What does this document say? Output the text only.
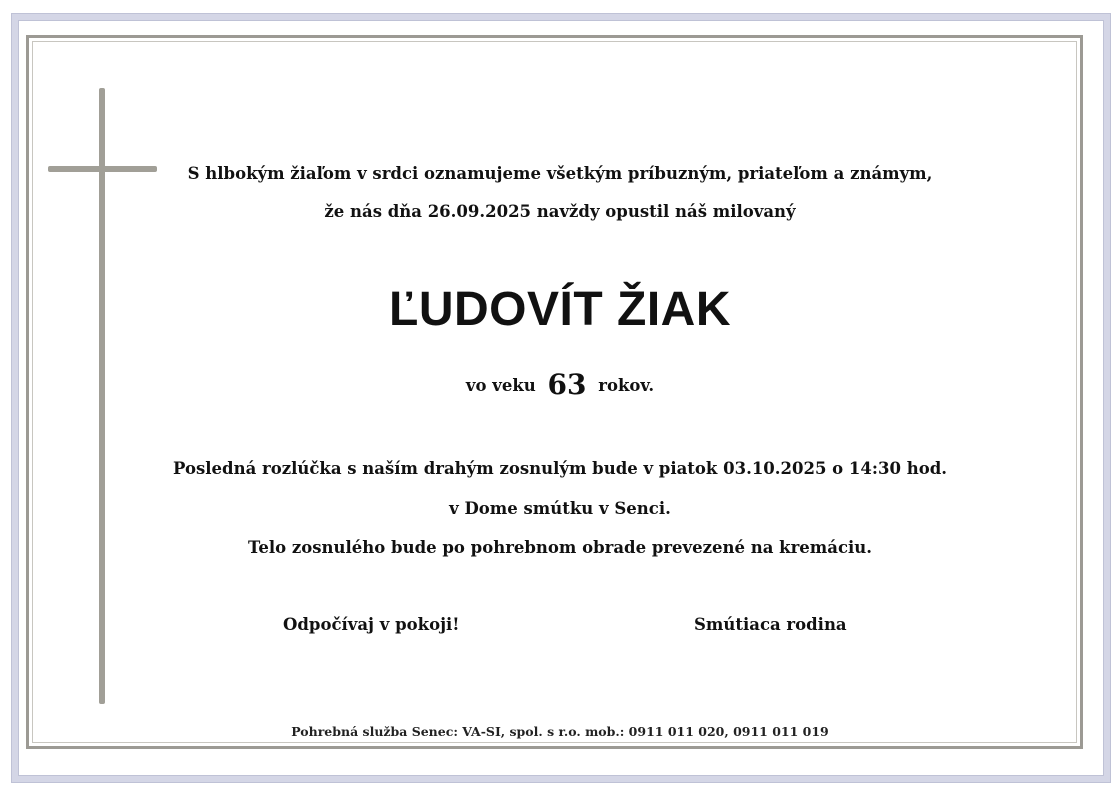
S hlbokým žiaľom v srdci oznamujeme všetkým príbuzným, priateľom a známym,
že nás dňa 26.09.2025 navždy opustil náš milovaný
ĽUDOVÍT ŽIAK
vo veku 63 rokov.
Posledná rozlúčka s naším drahým zosnulým bude v piatok 03.10.2025 o 14:30 hod.
v Dome smútku v Senci.
Telo zosnulého bude po pohrebnom obrade prevezené na kremáciu.
Odpočívaj v pokoji!	Smútiaca rodina
Pohrebná služba Senec: VA-SI, spol. s r.o. mob.: 0911 011 020, 0911 011 019
